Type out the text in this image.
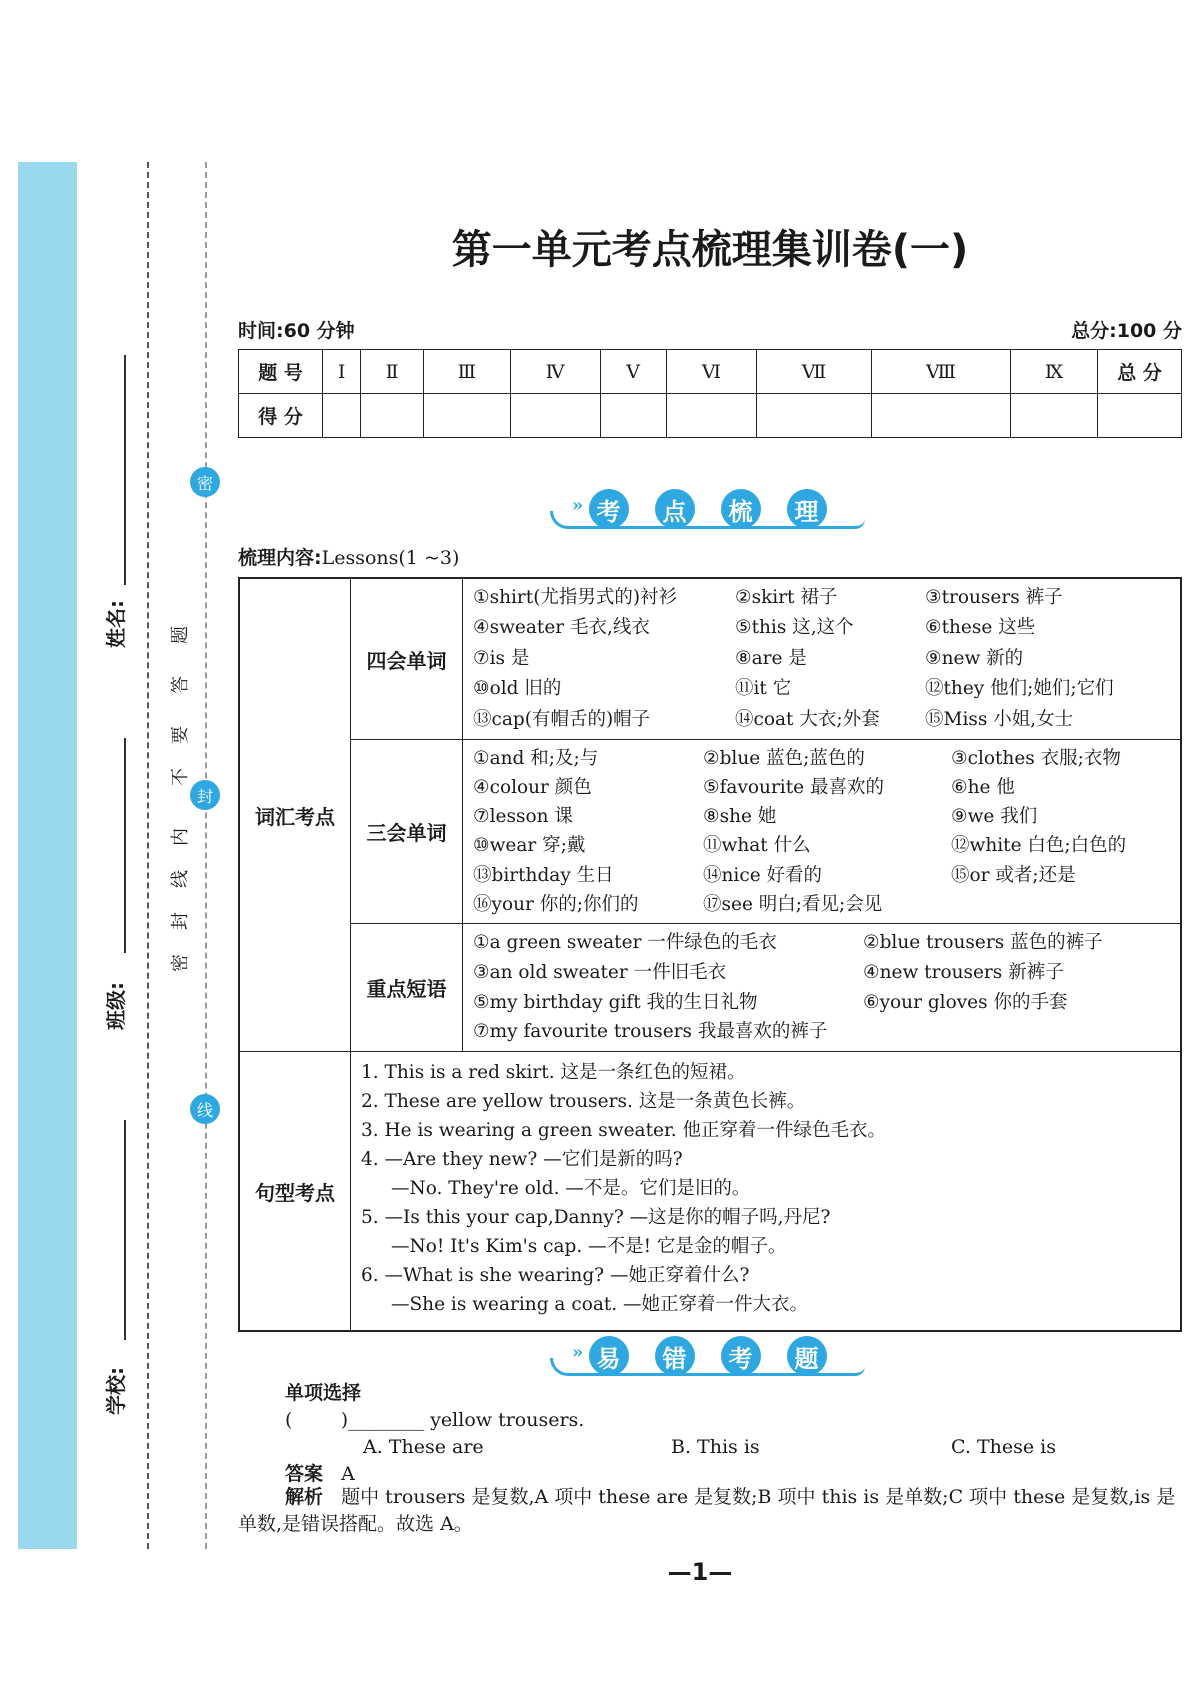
学校:
班级:
姓名:
密
封
线
密
封
线
内
不
要
答
题
第一单元考点梳理集训卷(一)
时间:60 分钟	总分:100 分
题 号	Ⅰ	Ⅱ	Ⅲ	Ⅳ	Ⅴ	Ⅵ	Ⅶ	Ⅷ	Ⅸ	总 分
得 分										
» 考	点	梳	理
梳理内容:Lessons(1 ~3)
词汇考点
四会单词
①shirt(尤指男式的)衬衫	②skirt 裙子	③trousers 裤子
④sweater 毛衣,线衣	⑤this 这,这个	⑥these 这些
⑦is 是	⑧are 是	⑨new 新的
⑩old 旧的	⑪it 它	⑫they 他们;她们;它们
⑬cap(有帽舌的)帽子	⑭coat 大衣;外套	⑮Miss 小姐,女士
三会单词
①and 和;及;与	②blue 蓝色;蓝色的	③clothes 衣服;衣物
④colour 颜色	⑤favourite 最喜欢的	⑥he 他
⑦lesson 课	⑧she 她	⑨we 我们
⑩wear 穿;戴	⑪what 什么	⑫white 白色;白色的
⑬birthday 生日	⑭nice 好看的	⑮or 或者;还是
⑯your 你的;你们的	⑰see 明白;看见;会见
重点短语
①a green sweater 一件绿色的毛衣	②blue trousers 蓝色的裤子
③an old sweater 一件旧毛衣	④new trousers 新裤子
⑤my birthday gift 我的生日礼物	⑥your gloves 你的手套
⑦my favourite trousers 我最喜欢的裤子
句型考点
1. This is a red skirt. 这是一条红色的短裙。
2. These are yellow trousers. 这是一条黄色长裤。
3. He is wearing a green sweater. 他正穿着一件绿色毛衣。
4. —Are they new? —它们是新的吗?
—No. They're old. —不是。它们是旧的。
5. —Is this your cap,Danny? —这是你的帽子吗,丹尼?
—No! It's Kim's cap. —不是! 它是金的帽子。
6. —What is she wearing? —她正穿着什么?
—She is wearing a coat. —她正穿着一件大衣。
» 易	错	考	题
单项选择
(        )________ yellow trousers.
A. These are	B. This is	C. These is
答案 A
解析 题中 trousers 是复数,A 项中 these are 是复数;B 项中 this is 是单数;C 项中 these 是复数,is 是单数,是错误搭配。故选 A。
—1—
